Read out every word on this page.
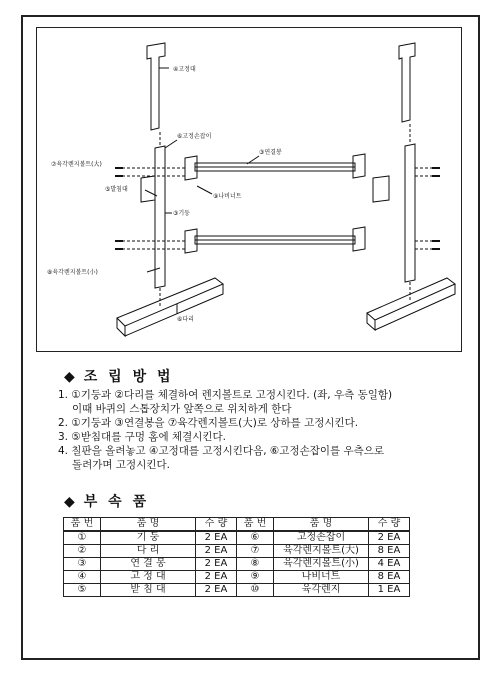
④고정대
⑥고정손잡이
⑦육각렌지볼트(大)
⑤발침대
③연결봉
⑨나비너트
③기둥
⑧육각렌지볼트(小)
⑥다리
◆ 조 립 방 법
1. ①기둥과 ②다리를 체결하여 렌지볼트로 고정시킨다. (좌, 우측 동일함)
이때 바퀴의 스톱장치가 앞쪽으로 위치하게 한다
2. ①기둥과 ③연결봉을 ⑦육각렌지볼트(大)로 상하를 고정시킨다.
3. ⑤받침대를 구멍 홈에 체결시킨다.
4. 칠판을 올려놓고 ④고정대를 고정시킨다음, ⑥고정손잡이를 우측으로
돌려가며 고정시킨다.
◆ 부 속 품
품 번	품 명	수 량	품 번	품 명	수 량
①	기 둥	2 EA	⑥	고정손잡이	2 EA
②	다 리	2 EA	⑦	육각렌지볼트(大)	8 EA
③	연 결 봉	2 EA	⑧	육각렌지볼트(小)	4 EA
④	고 정 대	2 EA	⑨	나비너트	8 EA
⑤	받 침 대	2 EA	⑩	육각렌지	1 EA
